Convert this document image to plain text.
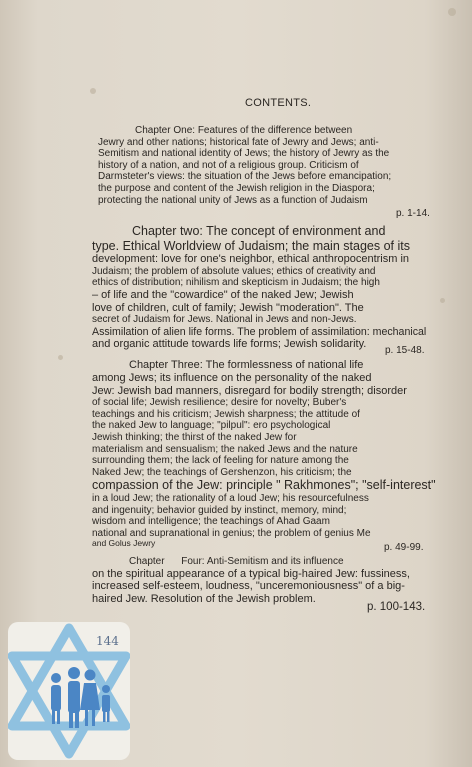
CONTENTS.

Chapter One: Features of the difference between

Jewry and other nations; historical fate of Jewry and Jews; anti-

Semitism and national identity of Jews; the history of Jewry as the

history of a nation, and not of a religious group. Criticism of

Darmsteter's views: the situation of the Jews before emancipation;

the purpose and content of the Jewish religion in the Diaspora;

protecting the national unity of Jews as a function of Judaism

p. 1-14.

Chapter two: The concept of environment and

type. Ethical Worldview of Judaism; the main stages of its

development: love for one's neighbor, ethical anthropocentrism in

Judaism; the problem of absolute values; ethics of creativity and

ethics of distribution; nihilism and skepticism in Judaism; the high

– of life and the "cowardice" of the naked Jew; Jewish

love of children, cult of family; Jewish "moderation". The

secret of Judaism for Jews. National in Jews and non-Jews.

Assimilation of alien life forms. The problem of assimilation: mechanical

and organic attitude towards life forms; Jewish solidarity.

p. 15-48.

Chapter Three: The formlessness of national life

among Jews; its influence on the personality of the naked

Jew: Jewish bad manners, disregard for bodily strength; disorder

of social life; Jewish resilience; desire for novelty; Buber's

teachings and his criticism; Jewish sharpness; the attitude of

the naked Jew to language; "pilpul": ero psychological

Jewish thinking; the thirst of the naked Jew for

materialism and sensualism; the naked Jews and the nature

surrounding them; the lack of feeling for nature among the

Naked Jew; the teachings of Gershenzon, his criticism; the

compassion of the Jew: principle " Rakhmones"; "self-interest"

in a loud Jew; the rationality of a loud Jew; his resourcefulness

and ingenuity; behavior guided by instinct, memory, mind;

wisdom and intelligence; the teachings of Ahad Gaam

national and supranational in genius; the problem of genius Me

and Golus Jewry	p. 49-99.

Chapter      Four: Anti-Semitism and its influence

on the spiritual appearance of a typical big-haired Jew: fussiness,

increased self-esteem, loudness, "unceremoniousness" of a big-

haired Jew. Resolution of the Jewish problem.

p. 100-143.
144
